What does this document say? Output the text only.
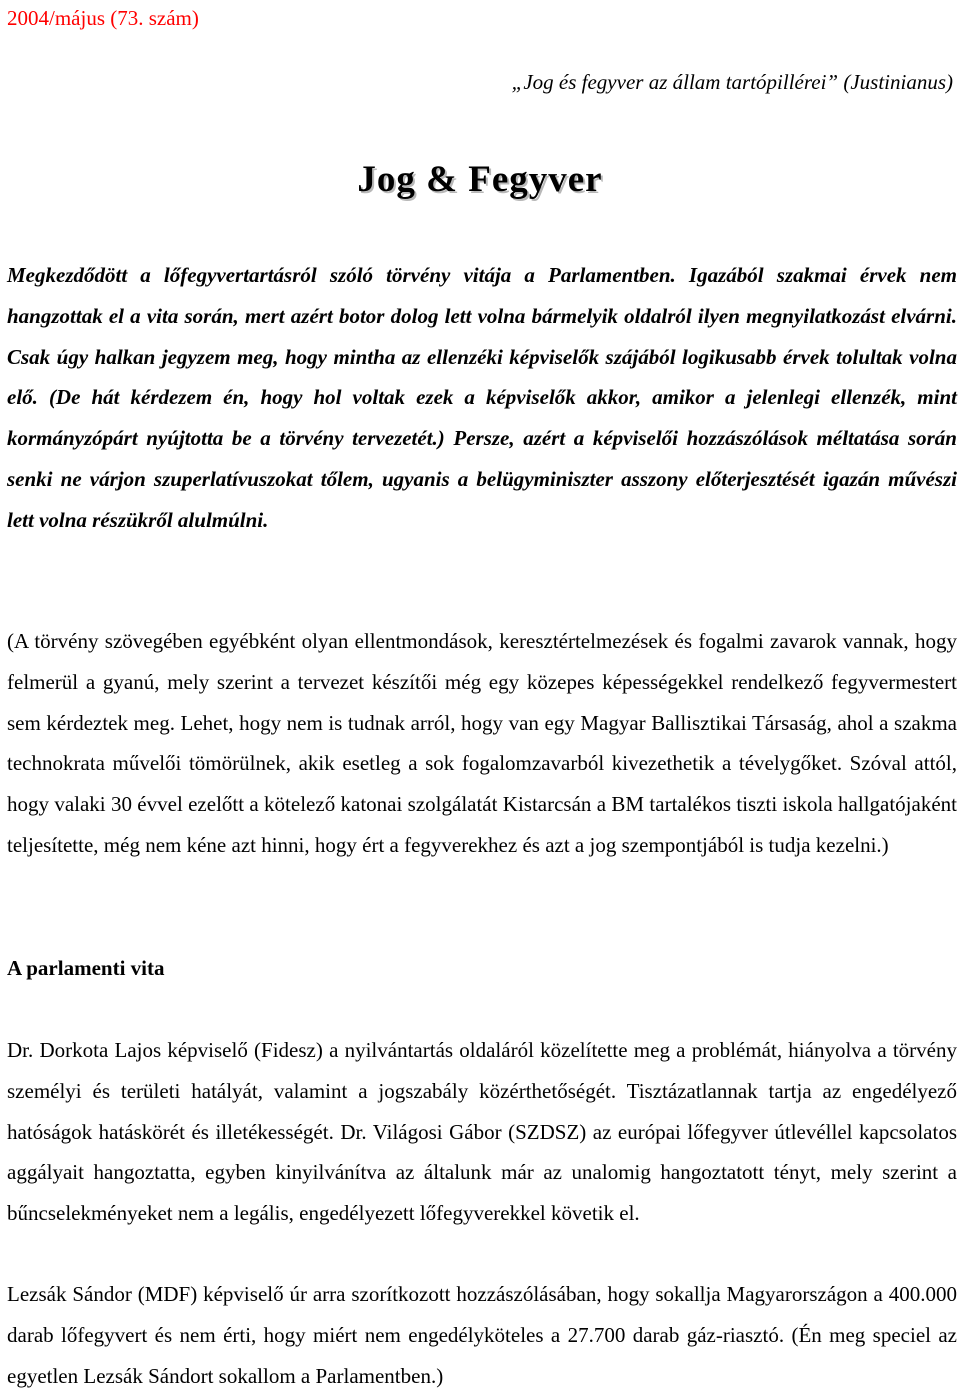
2004/május (73. szám)
„Jog és fegyver az állam tartópillérei” (Justinianus)
Jog & Fegyver

Megkezdődött a lőfegyvertartásról szóló törvény vitája a Parlamentben. Igazából szakmai érvek nem hangzottak el a vita során, mert azért botor dolog lett volna bármelyik oldalról ilyen megnyilatkozást elvárni. Csak úgy halkan jegyzem meg, hogy mintha az ellenzéki képviselők szájából logikusabb érvek tolultak volna elő. (De hát kérdezem én, hogy hol voltak ezek a képviselők akkor, amikor a jelenlegi ellenzék, mint kormányzópárt nyújtotta be a törvény tervezetét.) Persze, azért a képviselői hozzászólások méltatása során senki ne várjon szuperlatívuszokat tőlem, ugyanis a belügyminiszter asszony előterjesztését igazán művészi lett volna részükről alulmúlni.

(A törvény szövegében egyébként olyan ellentmondások, keresztértelmezések és fogalmi zavarok vannak, hogy felmerül a gyanú, mely szerint a tervezet készítői még egy közepes képességekkel rendelkező fegyvermestert sem kérdeztek meg. Lehet, hogy nem is tudnak arról, hogy van egy Magyar Ballisztikai Társaság, ahol a szakma technokrata művelői tömörülnek, akik esetleg a sok fogalomzavarból kivezethetik a tévelygőket. Szóval attól, hogy valaki 30 évvel ezelőtt a kötelező katonai szolgálatát Kistarcsán a BM tartalékos tiszti iskola hallgatójaként teljesítette, még nem kéne azt hinni, hogy ért a fegyverekhez és azt a jog szempontjából is tudja kezelni.)

A parlamenti vita

Dr. Dorkota Lajos képviselő (Fidesz) a nyilvántartás oldaláról közelítette meg a problémát, hiányolva a törvény személyi és területi hatályát, valamint a jogszabály közérthetőségét. Tisztázatlannak tartja az engedélyező hatóságok hatáskörét és illetékességét. Dr. Világosi Gábor (SZDSZ) az európai lőfegyver útlevéllel kapcsolatos aggályait hangoztatta, egyben kinyilvánítva az általunk már az unalomig hangoztatott tényt, mely szerint a bűncselekményeket nem a legális, engedélyezett lőfegyverekkel követik el.

Lezsák Sándor (MDF) képviselő úr arra szorítkozott hozzászólásában, hogy sokallja Magyarországon a 400.000 darab lőfegyvert és nem érti, hogy miért nem engedélyköteles a 27.700 darab gáz-riasztó. (Én meg speciel az egyetlen Lezsák Sándort sokallom a Parlamentben.)
